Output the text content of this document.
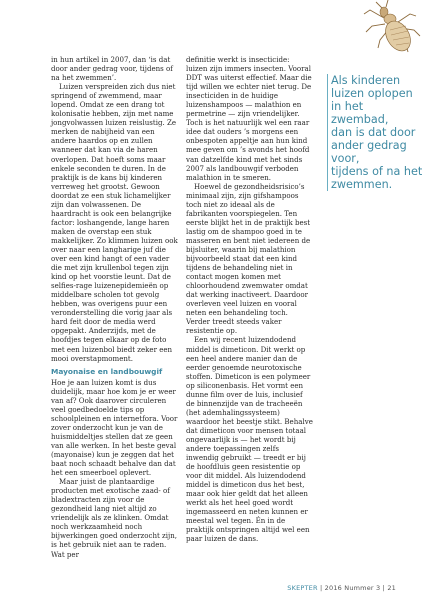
in hun artikel in 2007, dan ‘is dat door ander gedrag voor, tijdens of na het zwemmen’.

Luizen verspreiden zich dus niet springend of zwemmend, maar lopend. Omdat ze een drang tot kolonisatie hebben, zijn met name jongvolwassen luizen reislustig. Ze merken de nabijheid van een andere haardos op en zullen wanneer dat kan via de haren overlopen. Dat hoeft soms maar enkele seconden te duren. In de praktijk is de kans bij kinderen verreweg het grootst. Gewoon doordat ze een stuk lichamelijker zijn dan volwassenen. De haardracht is ook een belangrijke factor: loshangende, lange haren maken de overstap een stuk makkelijker. Zo klimmen luizen ook over naar een langharige juf die over een kind hangt of een vader die met zijn krullenbol tegen zijn kind op het voorstie leunt. Dat de selfies-rage luizenepidemieën op middelbare scholen tot gevolg hebben, was overigens puur een veronderstelling die vorig jaar als hard feit door de media werd opgepakt. Anderzijds, met de hoofdjes tegen elkaar op de foto met een luizenbol biedt zeker een mooi overstapmoment.

Mayonaise en landbouwgif

Hoe je aan luizen komt is dus duidelijk, maar hoe kom je er weer van af? Ook daarover circuleren veel goedbedoelde tips op schoolpleinen en internetfora. Voor zover onderzocht kun je van de huismiddeltjes stellen dat ze geen van alle werken. In het beste geval (mayonaise) kun je zeggen dat het baat noch schaadt behalve dan dat het een smeerboel oplevert.

Maar juist de plantaardige producten met exotische zaad- of bladextracten zijn voor de gezondheid lang niet altijd zo vriendelijk als ze klinken. Omdat noch werkzaamheid noch bijwerkingen goed onderzocht zijn, is het gebruik niet aan te raden. Wat per

definitie werkt is insecticide: luizen zijn immers insecten. Vooral DDT was uiterst effectief. Maar die tijd willen we echter niet terug. De insecticiden in de huidige luizenshampoos — malathion en permetrine — zijn vriendelijker. Toch is het natuurlijk wel een raar idee dat ouders ’s morgens een onbespoten appeltje aan hun kind mee geven om ’s avonds het hoofd van datzelfde kind met het sinds 2007 als landbouwgif verboden malathion in te smeren.

Hoewel de gezondheidsrisico’s minimaal zijn, zijn gifshampoos toch niet zo ideaal als de fabrikanten voorspiegelen. Ten eerste blijkt het in de praktijk best lastig om de shampoo goed in te masseren en bent niet iedereen de bijsluiter, waarin bij malathion bijvoorbeeld staat dat een kind tijdens de behandeling niet in contact mogen komen met chloorhoudend zwemwater omdat dat werking inactiveert. Daardoor overleven veel luizen en vooral neten een behandeling toch. Verder treedt steeds vaker resistentie op.

Een wij recent luizendodend middel is dimeticon. Dit werkt op een heel andere manier dan de eerder genoemde neurotoxische stoffen. Dimeticon is een polymeer op siliconenbasis. Het vormt een dunne film over de luis, inclusief de binnenzijde van de tracheeën (het ademhalingssysteem) waardoor het beestje stikt. Behalve dat dimeticon voor mensen totaal ongevaarlijk is — het wordt bij andere toepassingen zelfs inwendig gebruikt — treedt er bij de hoofdluis geen resistentie op voor dit middel. Als luizendodend middel is dimeticon dus het best, maar ook hier geldt dat het alleen werkt als het heel goed wordt ingemasseerd en neten kunnen er meestal wel tegen. Én in de praktijk ontspringen altijd wel een paar luizen de dans.

Als kinderen

luizen oplopen

in het zwembad,

dan is dat door

ander gedrag voor,

tijdens of na het

zwemmen.

SKEPTER | 2016 Nummer 3 | 21
